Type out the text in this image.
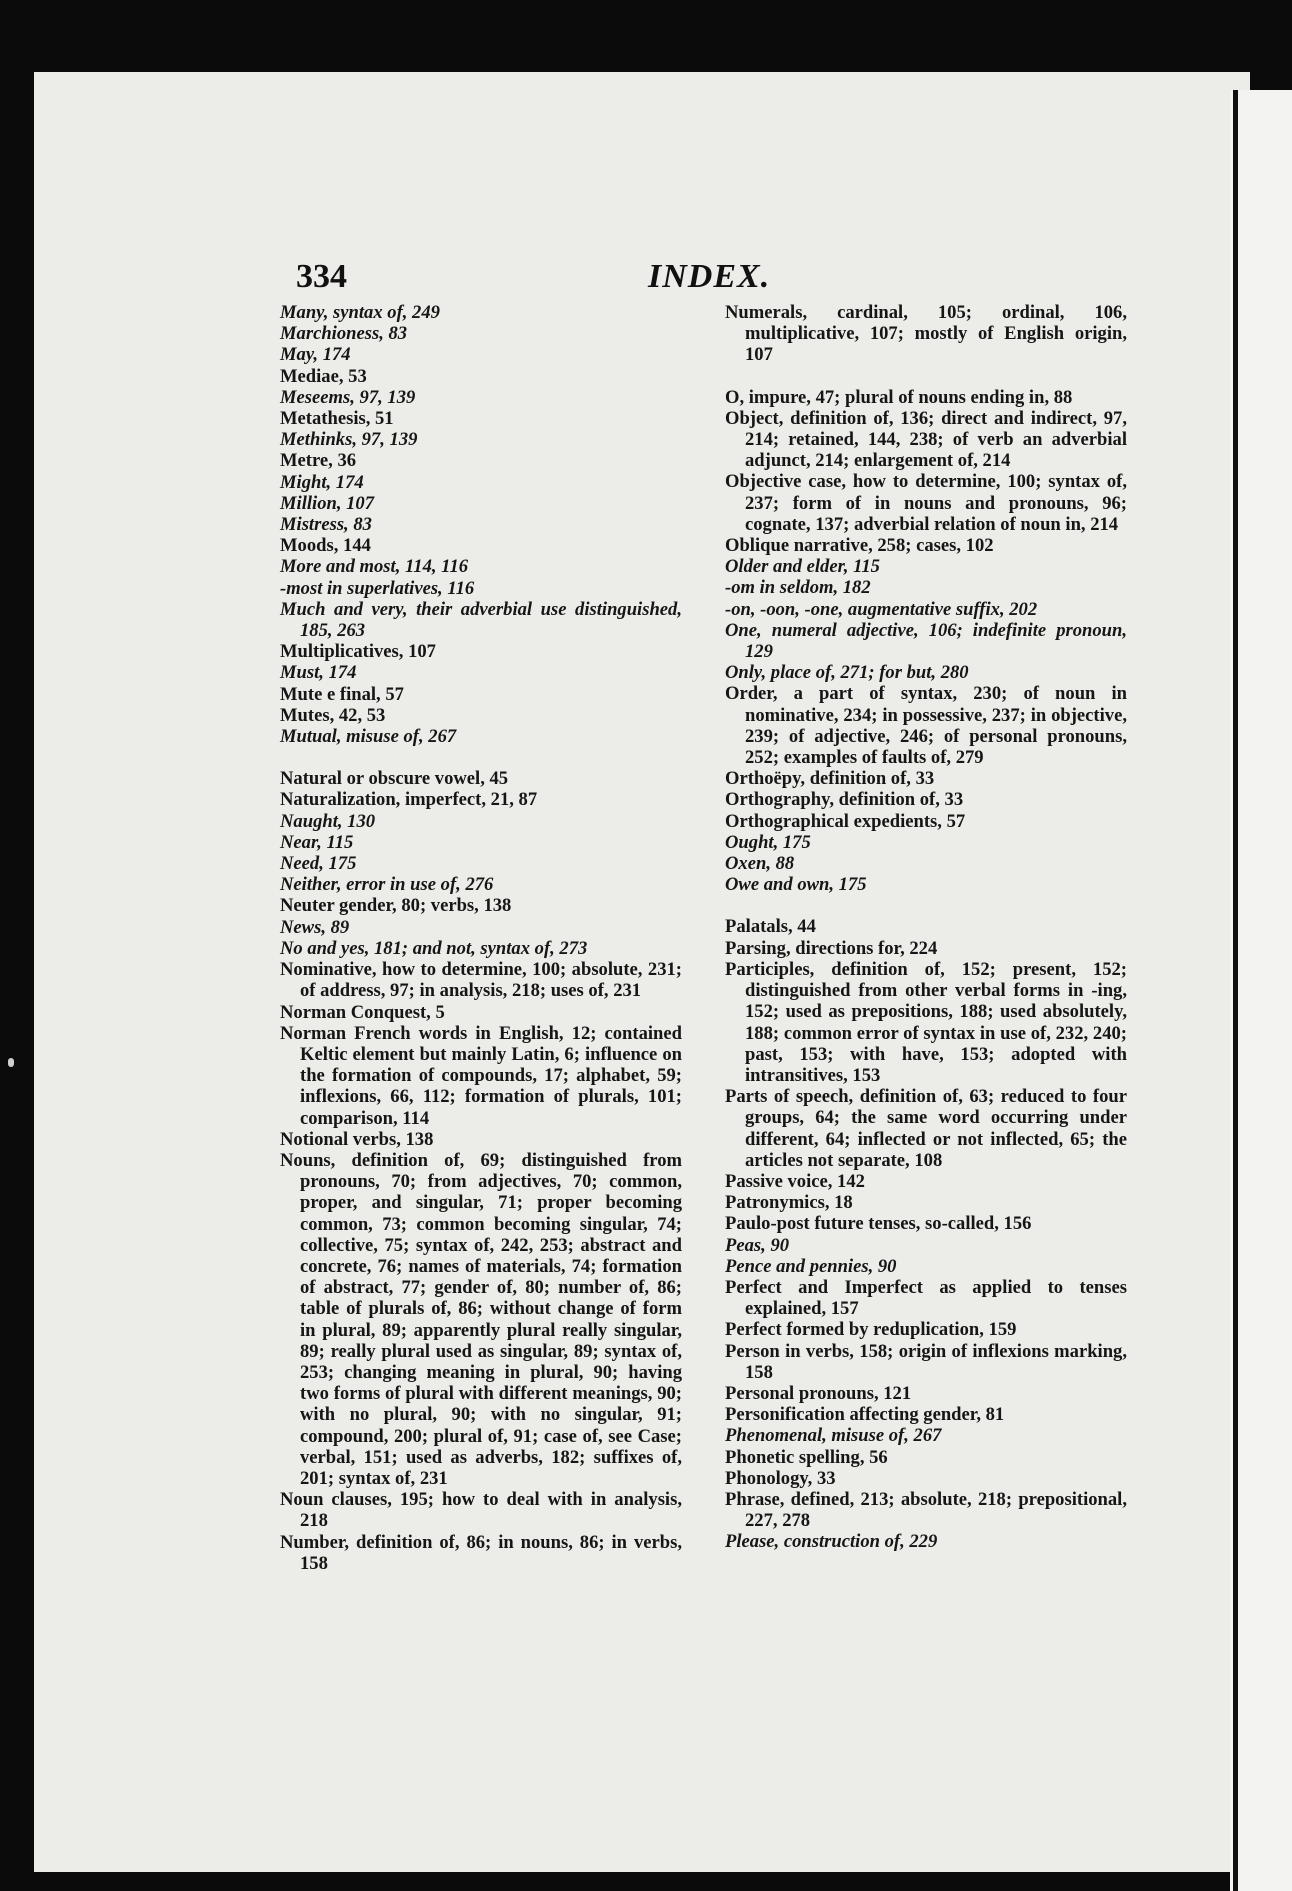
334	INDEX.
Many, syntax of, 249
Marchioness, 83
May, 174
Mediae, 53
Meseems, 97, 139
Metathesis, 51
Methinks, 97, 139
Metre, 36
Might, 174
Million, 107
Mistress, 83
Moods, 144
More and most, 114, 116
-most in superlatives, 116
Much and very, their adverbial use distinguished, 185, 263
Multiplicatives, 107
Must, 174
Mute e final, 57
Mutes, 42, 53
Mutual, misuse of, 267
Natural or obscure vowel, 45
Naturalization, imperfect, 21, 87
Naught, 130
Near, 115
Need, 175
Neither, error in use of, 276
Neuter gender, 80; verbs, 138
News, 89
No and yes, 181; and not, syntax of, 273
Nominative, how to determine, 100; absolute, 231; of address, 97; in analysis, 218; uses of, 231
Norman Conquest, 5
Norman French words in English, 12; contained Keltic element but mainly Latin, 6; influence on the formation of compounds, 17; alphabet, 59; inflexions, 66, 112; formation of plurals, 101; comparison, 114
Notional verbs, 138
Nouns, definition of, 69; distinguished from pronouns, 70; from adjectives, 70; common, proper, and singular, 71; proper becoming common, 73; common becoming singular, 74; collective, 75; syntax of, 242, 253; abstract and concrete, 76; names of materials, 74; formation of abstract, 77; gender of, 80; number of, 86; table of plurals of, 86; without change of form in plural, 89; apparently plural really singular, 89; really plural used as singular, 89; syntax of, 253; changing meaning in plural, 90; having two forms of plural with different meanings, 90; with no plural, 90; with no singular, 91; compound, 200; plural of, 91; case of, see Case; verbal, 151; used as adverbs, 182; suffixes of, 201; syntax of, 231
Noun clauses, 195; how to deal with in analysis, 218
Number, definition of, 86; in nouns, 86; in verbs, 158
Numerals, cardinal, 105; ordinal, 106, multiplicative, 107; mostly of English origin, 107
O, impure, 47; plural of nouns ending in, 88
Object, definition of, 136; direct and indirect, 97, 214; retained, 144, 238; of verb an adverbial adjunct, 214; enlargement of, 214
Objective case, how to determine, 100; syntax of, 237; form of in nouns and pronouns, 96; cognate, 137; adverbial relation of noun in, 214
Oblique narrative, 258; cases, 102
Older and elder, 115
-om in seldom, 182
-on, -oon, -one, augmentative suffix, 202
One, numeral adjective, 106; indefinite pronoun, 129
Only, place of, 271; for but, 280
Order, a part of syntax, 230; of noun in nominative, 234; in possessive, 237; in objective, 239; of adjective, 246; of personal pronouns, 252; examples of faults of, 279
Orthoëpy, definition of, 33
Orthography, definition of, 33
Orthographical expedients, 57
Ought, 175
Oxen, 88
Owe and own, 175
Palatals, 44
Parsing, directions for, 224
Participles, definition of, 152; present, 152; distinguished from other verbal forms in -ing, 152; used as prepositions, 188; used absolutely, 188; common error of syntax in use of, 232, 240; past, 153; with have, 153; adopted with intransitives, 153
Parts of speech, definition of, 63; reduced to four groups, 64; the same word occurring under different, 64; inflected or not inflected, 65; the articles not separate, 108
Passive voice, 142
Patronymics, 18
Paulo-post future tenses, so-called, 156
Peas, 90
Pence and pennies, 90
Perfect and Imperfect as applied to tenses explained, 157
Perfect formed by reduplication, 159
Person in verbs, 158; origin of inflexions marking, 158
Personal pronouns, 121
Personification affecting gender, 81
Phenomenal, misuse of, 267
Phonetic spelling, 56
Phonology, 33
Phrase, defined, 213; absolute, 218; prepositional, 227, 278
Please, construction of, 229
